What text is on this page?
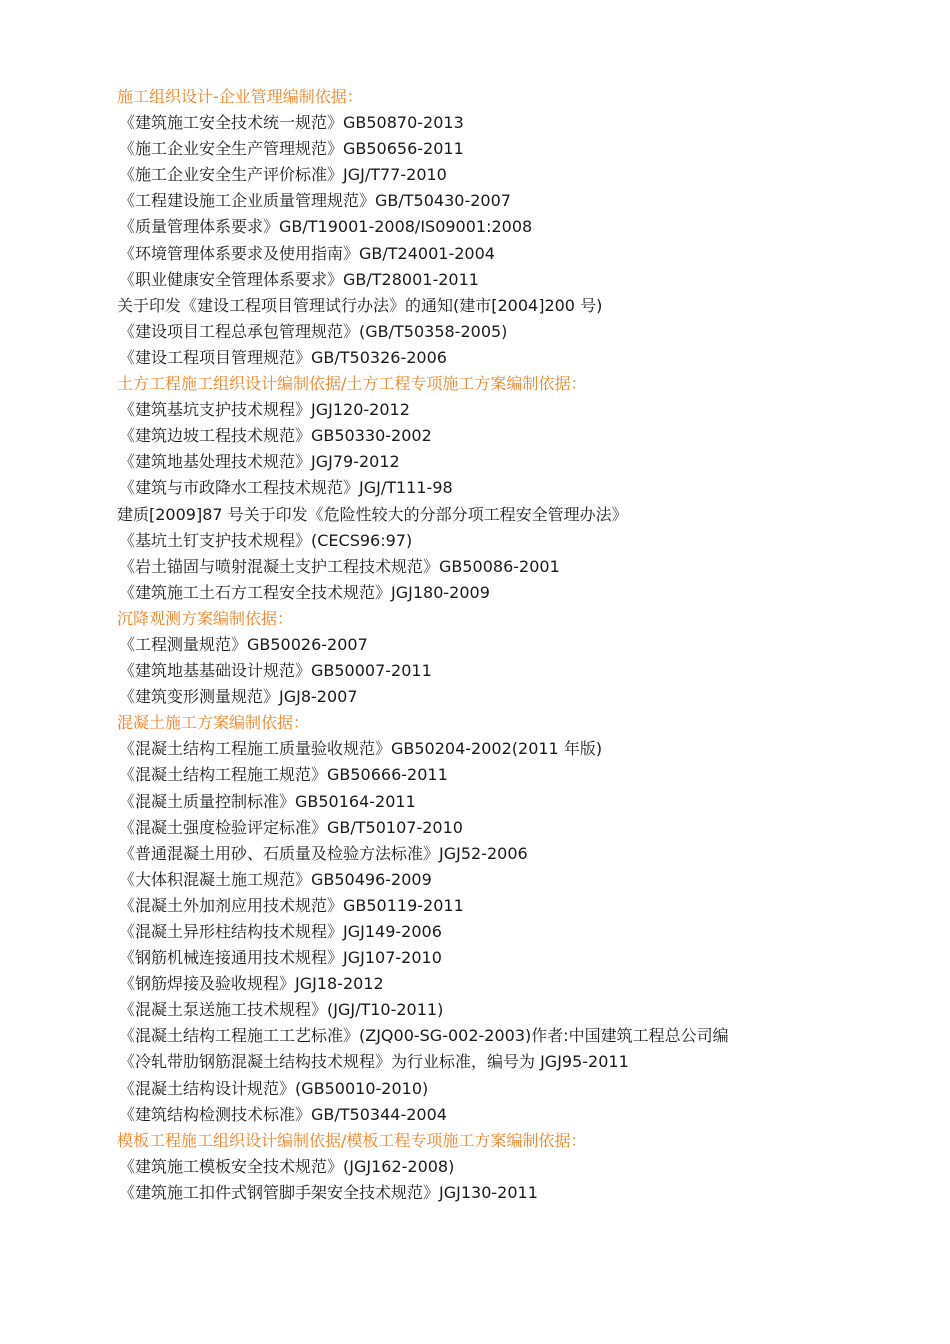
施工组织设计-企业管理编制依据：
《建筑施工安全技术统一规范》GB50870-2013
《施工企业安全生产管理规范》GB50656-2011
《施工企业安全生产评价标准》JGJ/T77-2010
《工程建设施工企业质量管理规范》GB/T50430-2007
《质量管理体系要求》GB/T19001-2008/IS09001:2008
《环境管理体系要求及使用指南》GB/T24001-2004
《职业健康安全管理体系要求》GB/T28001-2011
关于印发《建设工程项目管理试行办法》的通知(建市[2004]200 号)
《建设项目工程总承包管理规范》(GB/T50358-2005)
《建设工程项目管理规范》GB/T50326-2006
土方工程施工组织设计编制依据/土方工程专项施工方案编制依据：
《建筑基坑支护技术规程》JGJ120-2012
《建筑边坡工程技术规范》GB50330-2002
《建筑地基处理技术规范》JGJ79-2012
《建筑与市政降水工程技术规范》JGJ/T111-98
建质[2009]87 号关于印发《危险性较大的分部分项工程安全管理办法》
《基坑土钉支护技术规程》(CECS96:97)
《岩土锚固与喷射混凝土支护工程技术规范》GB50086-2001
《建筑施工土石方工程安全技术规范》JGJ180-2009
沉降观测方案编制依据：
《工程测量规范》GB50026-2007
《建筑地基基础设计规范》GB50007-2011
《建筑变形测量规范》JGJ8-2007
混凝土施工方案编制依据：
《混凝土结构工程施工质量验收规范》GB50204-2002(2011 年版)
《混凝土结构工程施工规范》GB50666-2011
《混凝土质量控制标准》GB50164-2011
《混凝土强度检验评定标准》GB/T50107-2010
《普通混凝土用砂、石质量及检验方法标准》JGJ52-2006
《大体积混凝土施工规范》GB50496-2009
《混凝土外加剂应用技术规范》GB50119-2011
《混凝土异形柱结构技术规程》JGJ149-2006
《钢筋机械连接通用技术规程》JGJ107-2010
《钢筋焊接及验收规程》JGJ18-2012
《混凝土泵送施工技术规程》(JGJ/T10-2011)
《混凝土结构工程施工工艺标准》(ZJQ00-SG-002-2003)作者:中国建筑工程总公司编
《冷轧带肋钢筋混凝土结构技术规程》为行业标准，编号为 JGJ95-2011
《混凝土结构设计规范》(GB50010-2010)
《建筑结构检测技术标准》GB/T50344-2004
模板工程施工组织设计编制依据/模板工程专项施工方案编制依据：
《建筑施工模板安全技术规范》(JGJ162-2008)
《建筑施工扣件式钢管脚手架安全技术规范》JGJ130-2011
